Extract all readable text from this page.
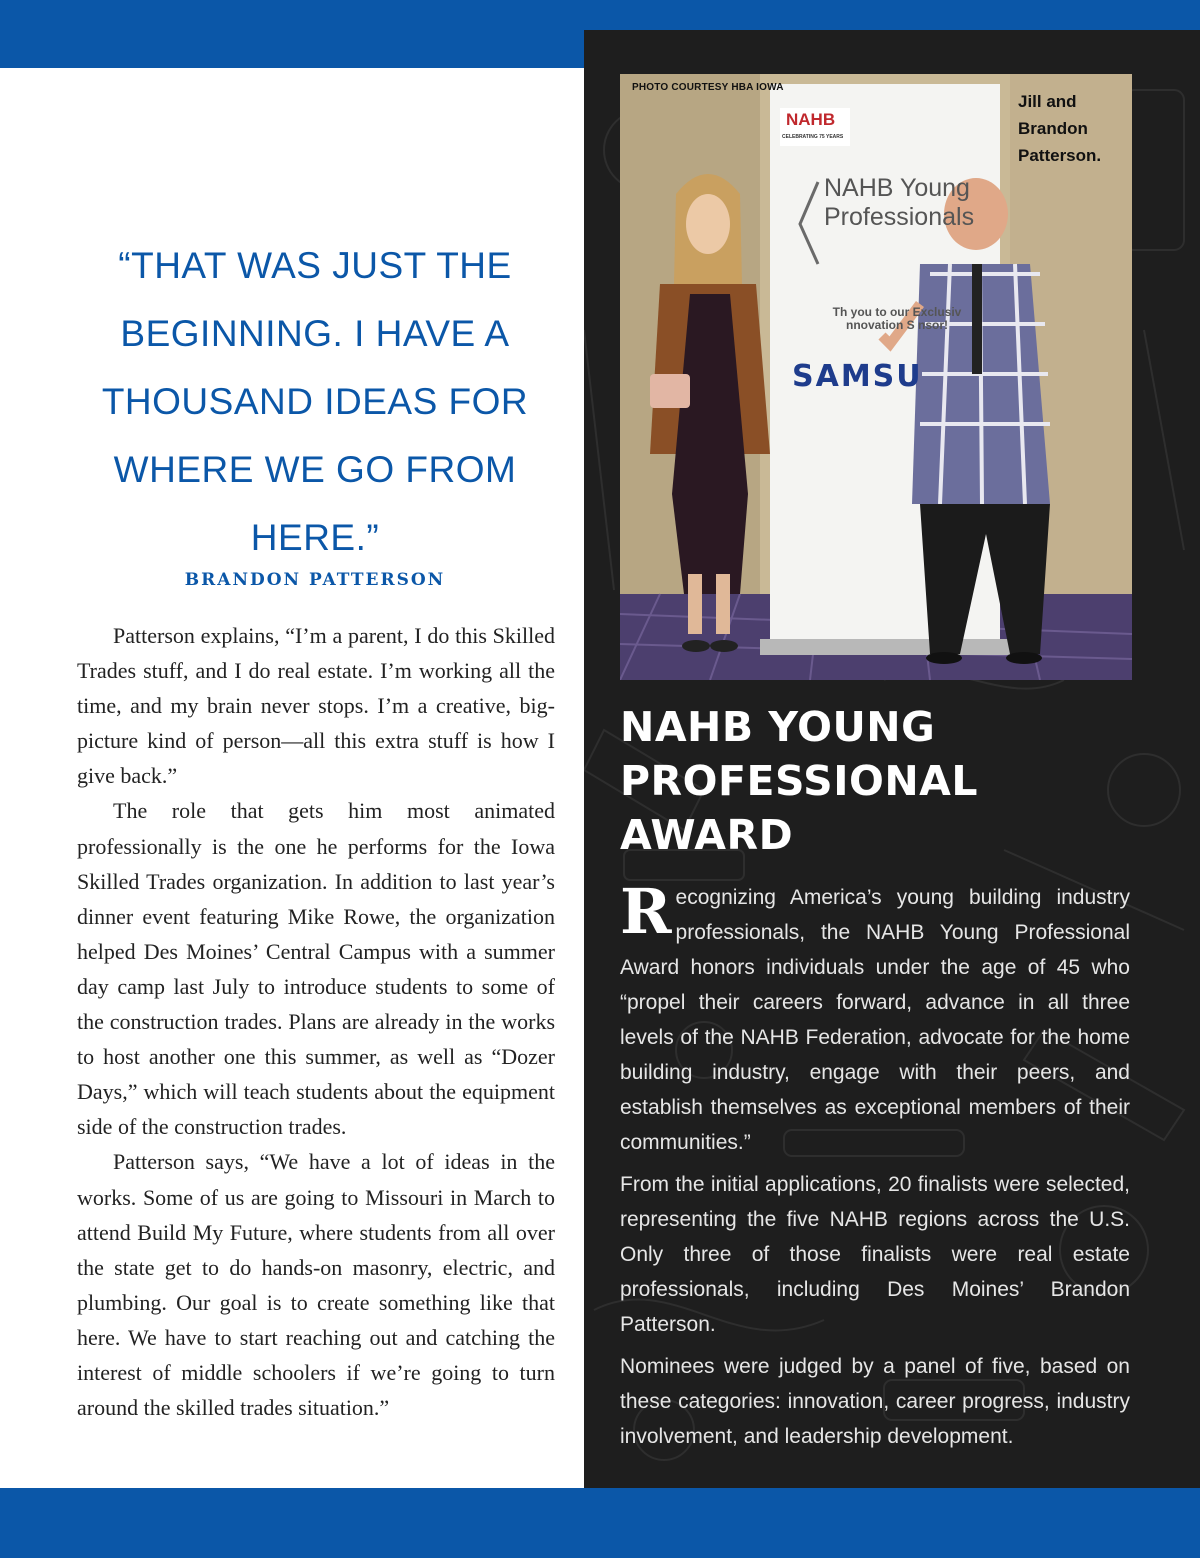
PHOTO COURTESY HBA IOWA
Jill and Brandon Patterson.
NAHB
CELEBRATING 75 YEARS
NAHB Young Professionals
Th you to our Exclusiv nnovation S nsor!
SAMSU
NAHB YOUNG PROFESSIONAL AWARD

Recognizing America’s young building industry professionals, the NAHB Young Professional Award honors individuals under the age of 45 who “propel their careers forward, advance in all three levels of the NAHB Federation, advocate for the home building industry, engage with their peers, and establish themselves as exceptional members of their communities.”

From the initial applications, 20 finalists were selected, representing the five NAHB regions across the U.S. Only three of those finalists were real estate professionals, including Des Moines’ Brandon Patterson.

Nominees were judged by a panel of five, based on these categories: innovation, career progress, industry involvement, and leadership development.

“THAT WAS JUST THE BEGINNING. I HAVE A THOUSAND IDEAS FOR WHERE WE GO FROM HERE.”
BRANDON PATTERSON

Patterson explains, “I’m a parent, I do this Skilled Trades stuff, and I do real estate. I’m working all the time, and my brain never stops. I’m a creative, big-picture kind of person—all this extra stuff is how I give back.”

The role that gets him most animated professionally is the one he performs for the Iowa Skilled Trades organization. In addition to last year’s dinner event featuring Mike Rowe, the organization helped Des Moines’ Central Campus with a summer day camp last July to introduce students to some of the construction trades. Plans are already in the works to host another one this summer, as well as “Dozer Days,” which will teach students about the equipment side of the construction trades.

Patterson says, “We have a lot of ideas in the works. Some of us are going to Missouri in March to attend Build My Future, where students from all over the state get to do hands-on masonry, electric, and plumbing. Our goal is to create something like that here. We have to start reaching out and catching the interest of middle schoolers if we’re going to turn around the skilled trades situation.”
